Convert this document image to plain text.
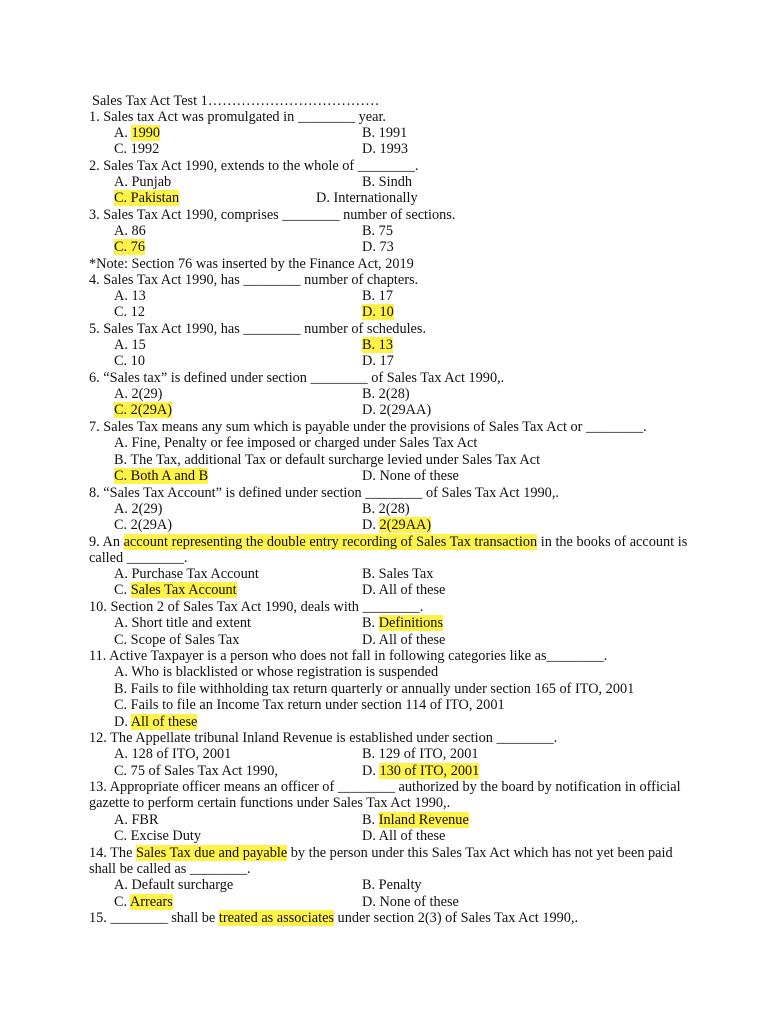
Sales Tax Act Test 1………………………………
1. Sales tax Act was promulgated in ________ year.
A. 1990	B. 1991
C. 1992	D. 1993
2. Sales Tax Act 1990, extends to the whole of ________.
A. Punjab	B. Sindh
C. Pakistan	D. Internationally
3. Sales Tax Act 1990, comprises ________ number of sections.
A. 86	B. 75
C. 76	D. 73
*Note: Section 76 was inserted by the Finance Act, 2019
4. Sales Tax Act 1990, has ________ number of chapters.
A. 13	B. 17
C. 12	D. 10
5. Sales Tax Act 1990, has ________ number of schedules.
A. 15	B. 13
C. 10	D. 17
6. “Sales tax” is defined under section ________ of Sales Tax Act 1990,.
A. 2(29)	B. 2(28)
C. 2(29A)	D. 2(29AA)
7. Sales Tax means any sum which is payable under the provisions of Sales Tax Act or ________.
A. Fine, Penalty or fee imposed or charged under Sales Tax Act
B. The Tax, additional Tax or default surcharge levied under Sales Tax Act
C. Both A and B	D. None of these
8. “Sales Tax Account” is defined under section ________ of Sales Tax Act 1990,.
A. 2(29)	B. 2(28)
C. 2(29A)	D. 2(29AA)
9. An account representing the double entry recording of Sales Tax transaction in the books of account is
called ________.
A. Purchase Tax Account	B. Sales Tax
C. Sales Tax Account	D. All of these
10. Section 2 of Sales Tax Act 1990, deals with ________.
A. Short title and extent	B. Definitions
C. Scope of Sales Tax	D. All of these
11. Active Taxpayer is a person who does not fall in following categories like as________.
A. Who is blacklisted or whose registration is suspended
B. Fails to file withholding tax return quarterly or annually under section 165 of ITO, 2001
C. Fails to file an Income Tax return under section 114 of ITO, 2001
D. All of these
12. The Appellate tribunal Inland Revenue is established under section ________.
A. 128 of ITO, 2001	B. 129 of ITO, 2001
C. 75 of Sales Tax Act 1990,	D. 130 of ITO, 2001
13. Appropriate officer means an officer of ________ authorized by the board by notification in official
gazette to perform certain functions under Sales Tax Act 1990,.
A. FBR	B. Inland Revenue
C. Excise Duty	D. All of these
14. The Sales Tax due and payable by the person under this Sales Tax Act which has not yet been paid
shall be called as ________.
A. Default surcharge	B. Penalty
C. Arrears	D. None of these
15. ________ shall be treated as associates under section 2(3) of Sales Tax Act 1990,.
